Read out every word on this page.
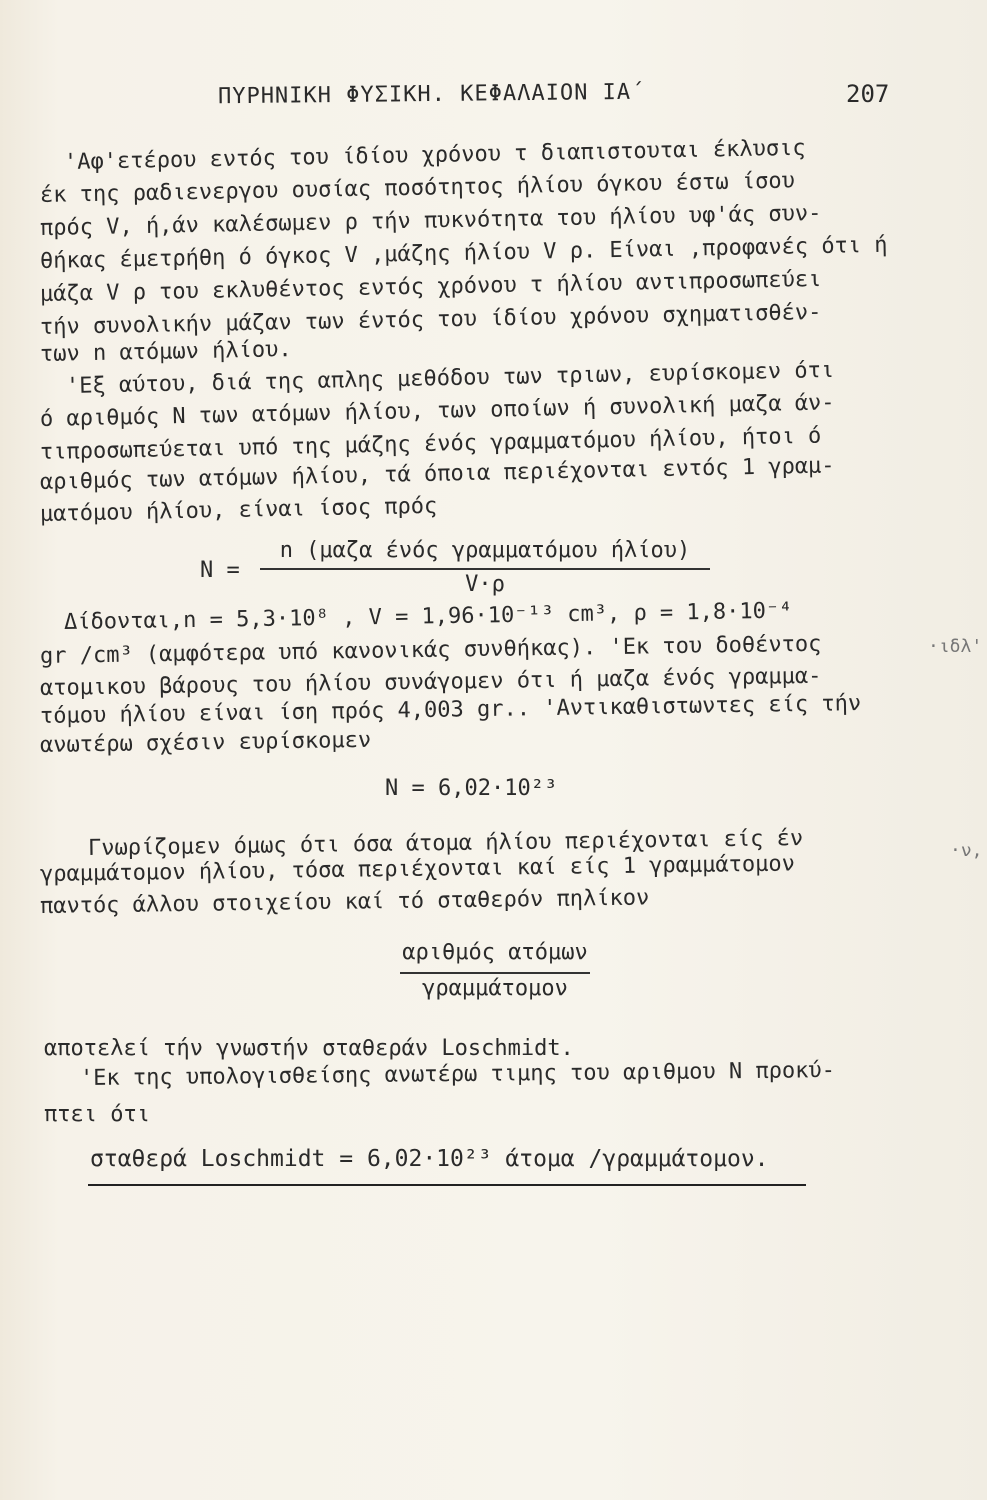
ΠΥΡΗΝΙΚΗ ΦΥΣΙΚΗ. ΚΕΦΑΛΑΙΟΝ ΙΑ΄	207
'Αφ'ετέρου εντός του ίδίου χρόνου τ διαπιστουται έκλυσις
έκ της ραδιενεργου ουσίας ποσότητος ήλίου όγκου έστω ίσου
πρός V, ή,άν καλέσωμεν ρ τήν πυκνότητα του ήλίου υφ'άς συν-
θήκας έμετρήθη ό όγκος V ,μάζης ήλίου V ρ. Είναι ,προφανές ότι ή
μάζα V ρ του εκλυθέντος εντός χρόνου τ ήλίου αντιπροσωπεύει
τήν συνολικήν μάζαν των έντός του ίδίου χρόνου σχηματισθέν-
των n ατόμων ήλίου.
'Εξ αύτου, διά της απλης μεθόδου των τριων, ευρίσκομεν ότι
ό αριθμός N των ατόμων ήλίου, των οποίων ή συνολική μαζα άν-
τιπροσωπεύεται υπό της μάζης ένός γραμματόμου ήλίου, ήτοι ό
αριθμός των ατόμων ήλίου, τά όποια περιέχονται εντός 1 γραμ-
ματόμου ήλίου, είναι ίσος πρός
N =
n (μαζα ένός γραμματόμου ήλίου)
V·ρ
Δίδονται,n = 5,3·10⁸ , V = 1,96·10⁻¹³ cm³, ρ = 1,8·10⁻⁴
gr /cm³ (αμφότερα υπό κανονικάς συνθήκας). 'Εκ του δοθέντος
ατομικου βάρους του ήλίου συνάγομεν ότι ή μαζα ένός γραμμα-
τόμου ήλίου είναι ίση πρός 4,003 gr.. 'Αντικαθιστωντες είς τήν
ανωτέρω σχέσιν ευρίσκομεν
N = 6,02·10²³
Γνωρίζομεν όμως ότι όσα άτομα ήλίου περιέχονται είς έν
γραμμάτομον ήλίου, τόσα περιέχονται καί είς 1 γραμμάτομον
παντός άλλου στοιχείου καί τό σταθερόν πηλίκον
αριθμός ατόμων
γραμμάτομον
αποτελεί τήν γνωστήν σταθεράν Loschmidt.
'Εκ της υπολογισθείσης ανωτέρω τιμης του αριθμου N προκύ-
πτει ότι
σταθερά Loschmidt = 6,02·10²³ άτομα /γραμμάτομον.
·ιδλ'
·ν,
